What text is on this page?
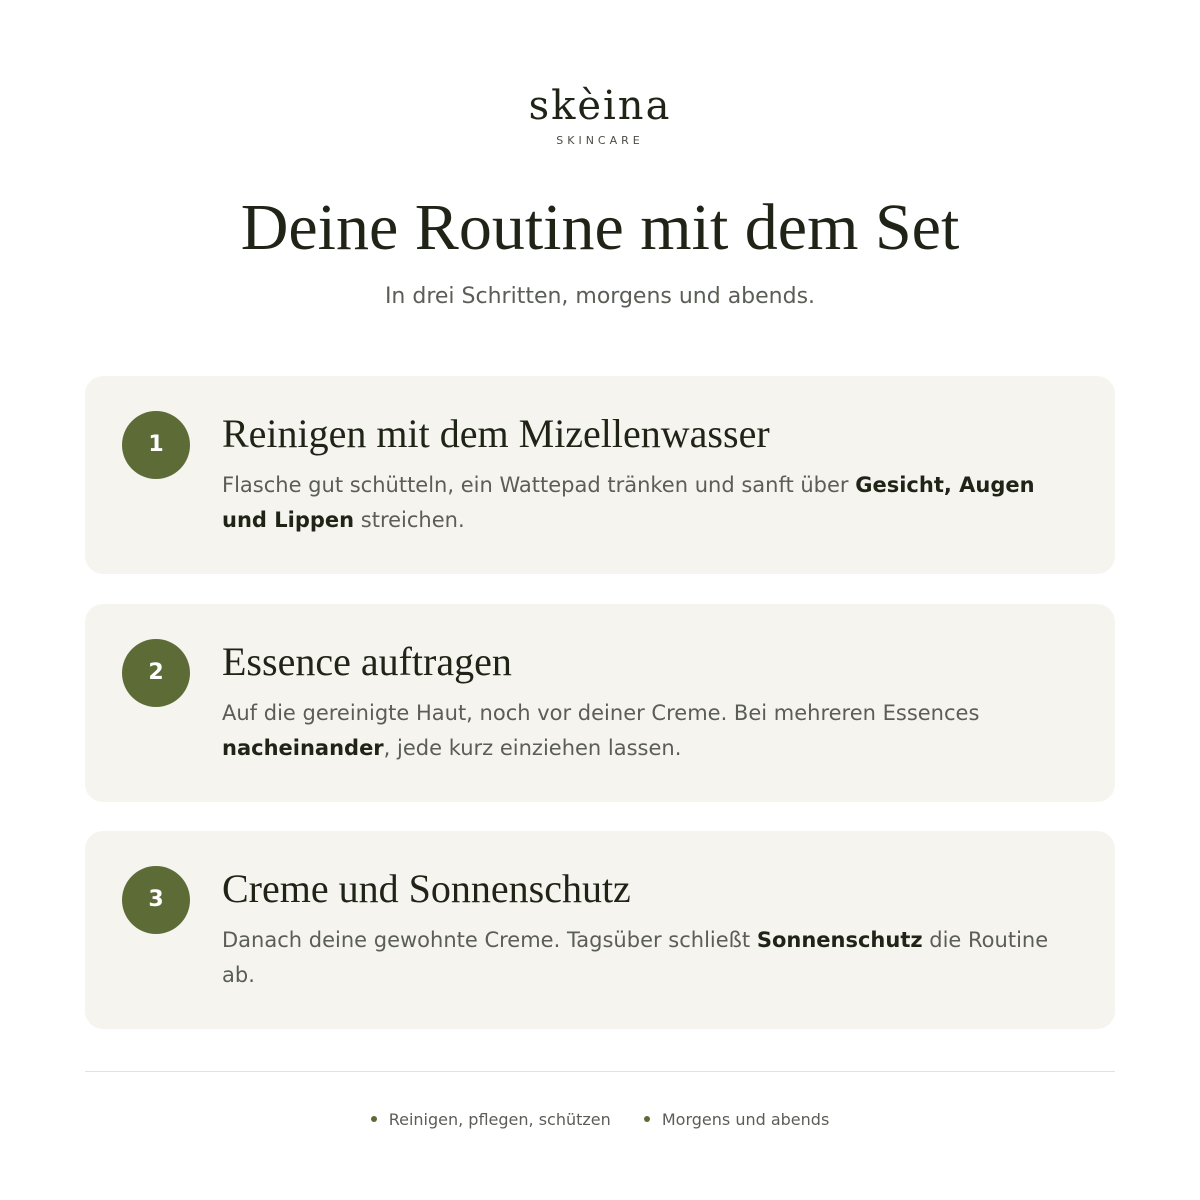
skèina
SKINCARE
Deine Routine mit dem Set
In drei Schritten, morgens und abends.
1	Reinigen mit dem Mizellenwasser
Flasche gut schütteln, ein Wattepad tränken und sanft über Gesicht, Augen und Lippen streichen.
2	Essence auftragen
Auf die gereinigte Haut, noch vor deiner Creme. Bei mehreren Essences nacheinander, jede kurz einziehen lassen.
3	Creme und Sonnenschutz
Danach deine gewohnte Creme. Tagsüber schließt Sonnenschutz die Routine ab.
Reinigen, pflegen, schützen	Morgens und abends
